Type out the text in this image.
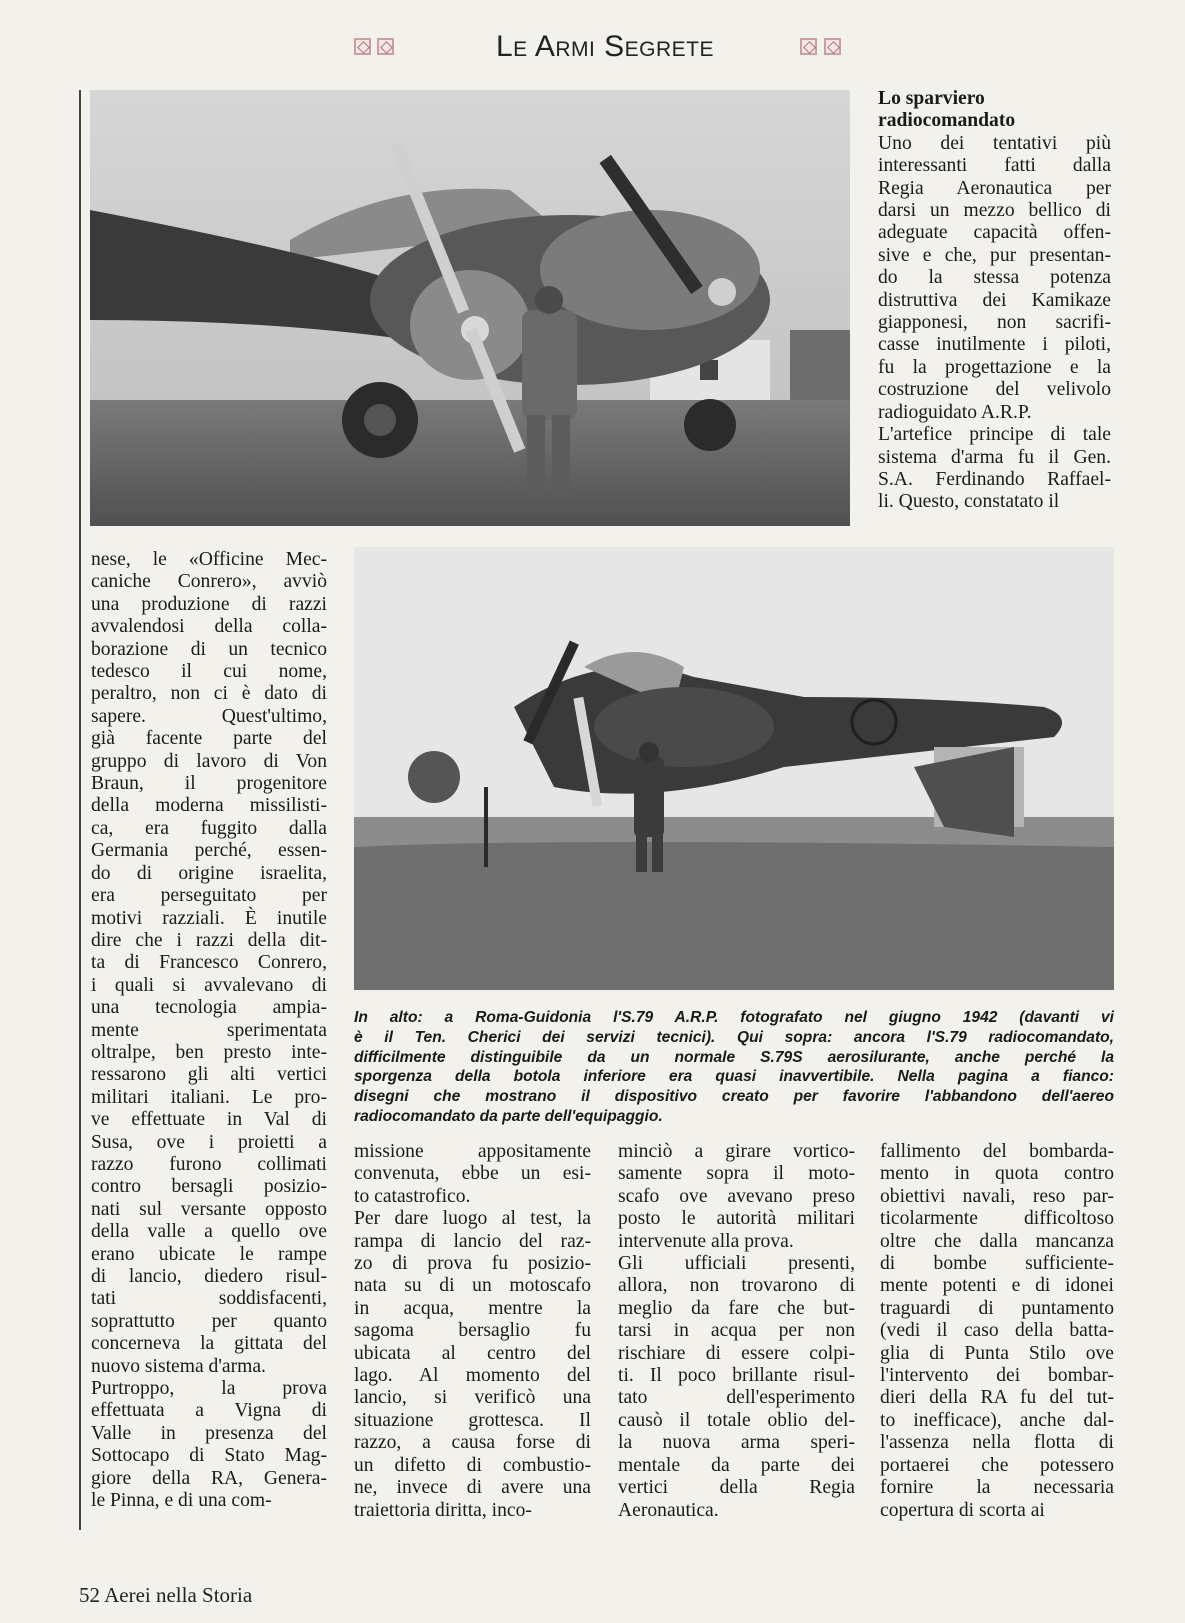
Le Armi Segrete
Lo sparviero
radiocomandato
Uno dei tentativi più
interessanti fatti dalla
Regia Aeronautica per
darsi un mezzo bellico di
adeguate capacità offen-
sive e che, pur presentan-
do la stessa potenza
distruttiva dei Kamikaze
giapponesi, non sacrifi-
casse inutilmente i piloti,
fu la progettazione e la
costruzione del velivolo
radioguidato A.R.P.
L'artefice principe di tale
sistema d'arma fu il Gen.
S.A. Ferdinando Raffael-
li. Questo, constatato il
In alto: a Roma-Guidonia l'S.79 A.R.P. fotografato nel giugno 1942 (davanti vi
è il Ten. Cherici dei servizi tecnici). Qui sopra: ancora l'S.79 radiocomandato,
difficilmente distinguibile da un normale S.79S aerosilurante, anche perché la
sporgenza della botola inferiore era quasi inavvertibile. Nella pagina a fianco:
disegni che mostrano il dispositivo creato per favorire l'abbandono dell'aereo
radiocomandato da parte dell'equipaggio.
nese, le «Officine Mec-
caniche Conrero», avviò
una produzione di razzi
avvalendosi della colla-
borazione di un tecnico
tedesco il cui nome,
peraltro, non ci è dato di
sapere. Quest'ultimo,
già facente parte del
gruppo di lavoro di Von
Braun, il progenitore
della moderna missilisti-
ca, era fuggito dalla
Germania perché, essen-
do di origine israelita,
era perseguitato per
motivi razziali. È inutile
dire che i razzi della dit-
ta di Francesco Conrero,
i quali si avvalevano di
una tecnologia ampia-
mente sperimentata
oltralpe, ben presto inte-
ressarono gli alti vertici
militari italiani. Le pro-
ve effettuate in Val di
Susa, ove i proietti a
razzo furono collimati
contro bersagli posizio-
nati sul versante opposto
della valle a quello ove
erano ubicate le rampe
di lancio, diedero risul-
tati soddisfacenti,
soprattutto per quanto
concerneva la gittata del
nuovo sistema d'arma.
Purtroppo, la prova
effettuata a Vigna di
Valle in presenza del
Sottocapo di Stato Mag-
giore della RA, Genera-
le Pinna, e di una com-
missione appositamente
convenuta, ebbe un esi-
to catastrofico.
Per dare luogo al test, la
rampa di lancio del raz-
zo di prova fu posizio-
nata su di un motoscafo
in acqua, mentre la
sagoma bersaglio fu
ubicata al centro del
lago. Al momento del
lancio, si verificò una
situazione grottesca. Il
razzo, a causa forse di
un difetto di combustio-
ne, invece di avere una
traiettoria diritta, inco-
minciò a girare vortico-
samente sopra il moto-
scafo ove avevano preso
posto le autorità militari
intervenute alla prova.
Gli ufficiali presenti,
allora, non trovarono di
meglio da fare che but-
tarsi in acqua per non
rischiare di essere colpi-
ti. Il poco brillante risul-
tato dell'esperimento
causò il totale oblio del-
la nuova arma speri-
mentale da parte dei
vertici della Regia
Aeronautica.
fallimento del bombarda-
mento in quota contro
obiettivi navali, reso par-
ticolarmente difficoltoso
oltre che dalla mancanza
di bombe sufficiente-
mente potenti e di idonei
traguardi di puntamento
(vedi il caso della batta-
glia di Punta Stilo ove
l'intervento dei bombar-
dieri della RA fu del tut-
to inefficace), anche dal-
l'assenza nella flotta di
portaerei che potessero
fornire la necessaria
copertura di scorta ai
52 Aerei nella Storia
